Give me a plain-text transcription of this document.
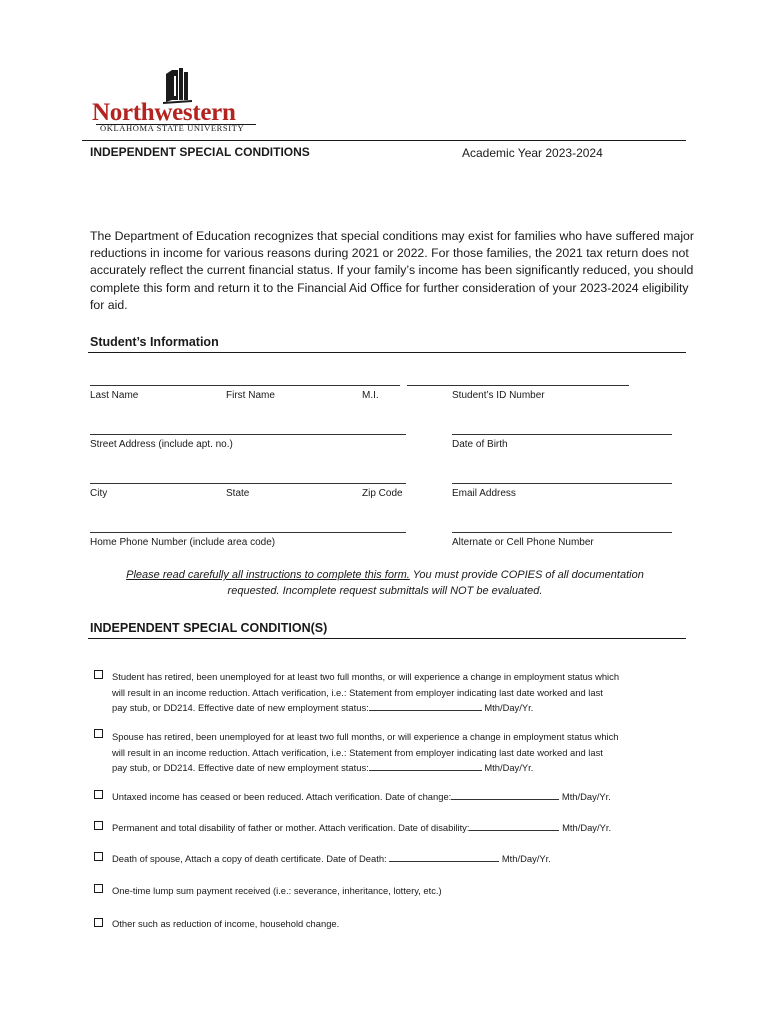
Northwestern
OKLAHOMA STATE UNIVERSITY
INDEPENDENT SPECIAL CONDITIONS	Academic Year 2023-2024

The Department of Education recognizes that special conditions may exist for families who have suffered major reductions in income for various reasons during 2021 or 2022. For those families, the 2021 tax return does not accurately reflect the current financial status. If your family’s income has been significantly reduced, you should complete this form and return it to the Financial Aid Office for further consideration of your 2023-2024 eligibility for aid.

Student’s Information
Last Name	First Name	M.I.	Student’s ID Number
Street Address (include apt. no.)	Date of Birth
City	State	Zip Code	Email Address
Home Phone Number (include area code)	Alternate or Cell Phone Number

Please read carefully all instructions to complete this form. You must provide COPIES of all documentation requested. Incomplete request submittals will NOT be evaluated.

INDEPENDENT SPECIAL CONDITION(S)
Student has retired, been unemployed for at least two full months, or will experience a change in employment status which
will result in an income reduction. Attach verification, i.e.: Statement from employer indicating last date worked and last
pay stub, or DD214. Effective date of new employment status:	Mth/Day/Yr.
Spouse has retired, been unemployed for at least two full months, or will experience a change in employment status which
will result in an income reduction. Attach verification, i.e.: Statement from employer indicating last date worked and last
pay stub, or DD214. Effective date of new employment status:	Mth/Day/Yr.
Untaxed income has ceased or been reduced. Attach verification. Date of change:	Mth/Day/Yr.
Permanent and total disability of father or mother. Attach verification. Date of disability:	Mth/Day/Yr.
Death of spouse, Attach a copy of death certificate. Date of Death:	Mth/Day/Yr.
One-time lump sum payment received (i.e.: severance, inheritance, lottery, etc.)
Other such as reduction of income, household change.
